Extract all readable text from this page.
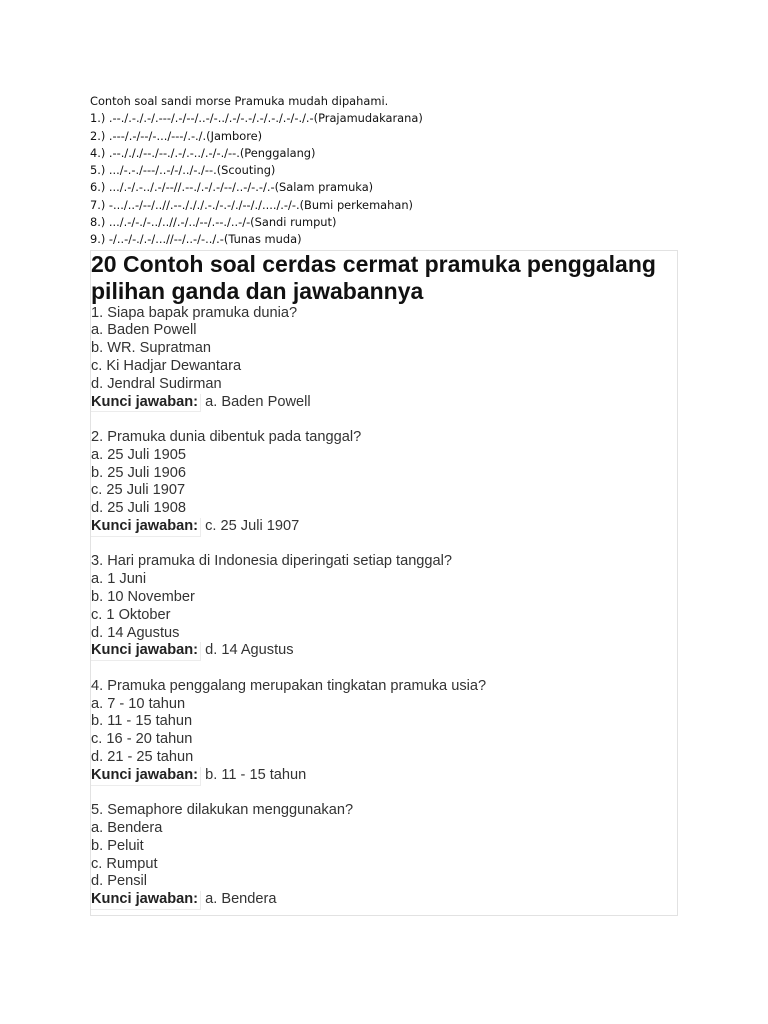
Contoh soal sandi morse Pramuka mudah dipahami.
1.) .--./.-./.-/.---/.-/--/..-/-../.-/-.-/.-/.-./.-/-./.-(Prajamudakarana)
2.) .---/.-/--/-.../---/.-./.(Jambore)
4.) .--./././--./--./.-/.-../.-/-./--.(Penggalang)
5.) .../-.-./---/..-/-/../-./--.(Scouting)
6.) .../.-/.-../.-/--//.--./.-/.-/--/..-/-.-/.-(Salam pramuka)
7.) -.../..-/--/..//.--./././.-./-.-/./--/./..../.-/-.(Bumi perkemahan)
8.) .../.-/-./-../..//.-/../--/.--./..-/-(Sandi rumput)
9.) -/..-/-./.-/...//--/..-/-../.-(Tunas muda)
20 Contoh soal cerdas cermat pramuka penggalang pilihan ganda dan jawabannya
1. Siapa bapak pramuka dunia?
a. Baden Powell
b. WR. Supratman
c. Ki Hadjar Dewantara
d. Jendral Sudirman
Kunci jawaban: a. Baden Powell
2. Pramuka dunia dibentuk pada tanggal?
a. 25 Juli 1905
b. 25 Juli 1906
c. 25 Juli 1907
d. 25 Juli 1908
Kunci jawaban: c. 25 Juli 1907
3. Hari pramuka di Indonesia diperingati setiap tanggal?
a. 1 Juni
b. 10 November
c. 1 Oktober
d. 14 Agustus
Kunci jawaban: d. 14 Agustus
4. Pramuka penggalang merupakan tingkatan pramuka usia?
a. 7 - 10 tahun
b. 11 - 15 tahun
c. 16 - 20 tahun
d. 21 - 25 tahun
Kunci jawaban: b. 11 - 15 tahun
5. Semaphore dilakukan menggunakan?
a. Bendera
b. Peluit
c. Rumput
d. Pensil
Kunci jawaban: a. Bendera
